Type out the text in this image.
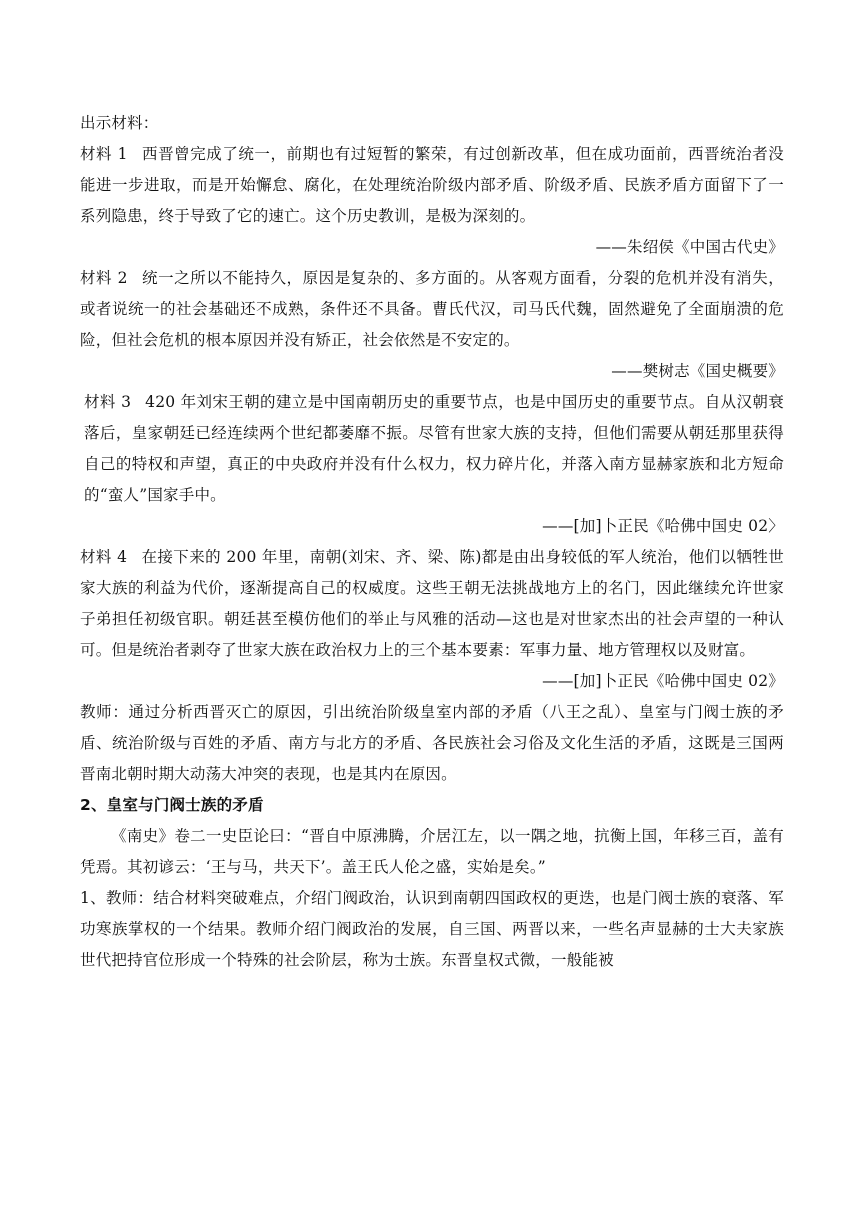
出示材料：

材料 1 西晋曾完成了统一，前期也有过短暂的繁荣，有过创新改革，但在成功面前，西晋统治者没能进一步进取，而是开始懈怠、腐化，在处理统治阶级内部矛盾、阶级矛盾、民族矛盾方面留下了一系列隐患，终于导致了它的速亡。这个历史教训，是极为深刻的。

——朱绍侯《中国古代史》

材料 2 统一之所以不能持久，原因是复杂的、多方面的。从客观方面看，分裂的危机并没有消失，或者说统一的社会基础还不成熟，条件还不具备。曹氏代汉，司马氏代魏，固然避免了全面崩溃的危险，但社会危机的根本原因并没有矫正，社会依然是不安定的。

——樊树志《国史概要》

材料 3 420 年刘宋王朝的建立是中国南朝历史的重要节点，也是中国历史的重要节点。自从汉朝衰落后，皇家朝廷已经连续两个世纪都萎靡不振。尽管有世家大族的支持，但他们需要从朝廷那里获得自己的特权和声望，真正的中央政府并没有什么权力，权力碎片化，并落入南方显赫家族和北方短命的“蛮人”国家手中。

——[加]卜正民《哈佛中国史 02〉

材料 4 在接下来的 200 年里，南朝(刘宋、齐、梁、陈)都是由出身较低的军人统治，他们以牺牲世家大族的利益为代价，逐渐提高自己的权威度。这些王朝无法挑战地方上的名门，因此继续允许世家子弟担任初级官职。朝廷甚至模仿他们的举止与风雅的活动—这也是对世家杰出的社会声望的一种认可。但是统治者剥夺了世家大族在政治权力上的三个基本要素：军事力量、地方管理权以及财富。

——[加]卜正民《哈佛中国史 02》

教师：通过分析西晋灭亡的原因，引出统治阶级皇室内部的矛盾（八王之乱）、皇室与门阀士族的矛盾、统治阶级与百姓的矛盾、南方与北方的矛盾、各民族社会习俗及文化生活的矛盾，这既是三国两晋南北朝时期大动荡大冲突的表现，也是其内在原因。

2、皇室与门阀士族的矛盾

《南史》卷二一史臣论曰：“晋自中原沸腾，介居江左，以一隅之地，抗衡上国，年移三百，盖有凭焉。其初谚云：‘王与马，共天下’。盖王氏人伦之盛，实始是矣。”

1、教师：结合材料突破难点，介绍门阀政治，认识到南朝四国政权的更迭，也是门阀士族的衰落、军功寒族掌权的一个结果。教师介绍门阀政治的发展，自三国、两晋以来，一些名声显赫的士大夫家族世代把持官位形成一个特殊的社会阶层，称为士族。东晋皇权式微，一般能被
